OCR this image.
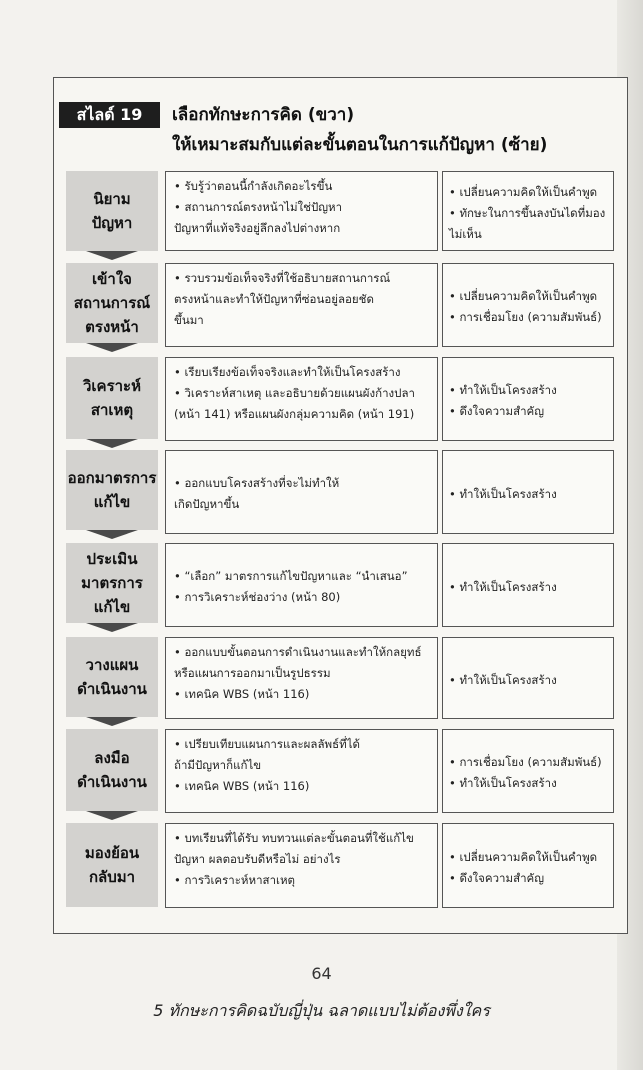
สไลด์ 19	เลือกทักษะการคิด (ขวา)
ให้เหมาะสมกับแต่ละขั้นตอนในการแก้ปัญหา (ซ้าย)
นิยาม
ปัญหา
• รับรู้ว่าตอนนี้กำลังเกิดอะไรขึ้น
• สถานการณ์ตรงหน้าไม่ใช่ปัญหา
ปัญหาที่แท้จริงอยู่ลึกลงไปต่างหาก
• เปลี่ยนความคิดให้เป็นคำพูด
• ทักษะในการขึ้นลงบันไดที่มอง
ไม่เห็น
เข้าใจ
สถานการณ์
ตรงหน้า
• รวบรวมข้อเท็จจริงที่ใช้อธิบายสถานการณ์
ตรงหน้าและทำให้ปัญหาที่ซ่อนอยู่ลอยชัด
ขึ้นมา
• เปลี่ยนความคิดให้เป็นคำพูด
• การเชื่อมโยง (ความสัมพันธ์)
วิเคราะห์
สาเหตุ
• เรียบเรียงข้อเท็จจริงและทำให้เป็นโครงสร้าง
• วิเคราะห์สาเหตุ และอธิบายด้วยแผนผังก้างปลา
(หน้า 141) หรือแผนผังกลุ่มความคิด (หน้า 191)
• ทำให้เป็นโครงสร้าง
• ดึงใจความสำคัญ
ออกมาตรการ
แก้ไข
• ออกแบบโครงสร้างที่จะไม่ทำให้
เกิดปัญหาขึ้น
• ทำให้เป็นโครงสร้าง
ประเมิน
มาตรการ
แก้ไข
• “เลือก” มาตรการแก้ไขปัญหาและ “นำเสนอ”
• การวิเคราะห์ช่องว่าง (หน้า 80)
• ทำให้เป็นโครงสร้าง
วางแผน
ดำเนินงาน
• ออกแบบขั้นตอนการดำเนินงานและทำให้กลยุทธ์
หรือแผนการออกมาเป็นรูปธรรม
• เทคนิค WBS (หน้า 116)
• ทำให้เป็นโครงสร้าง
ลงมือ
ดำเนินงาน
• เปรียบเทียบแผนการและผลลัพธ์ที่ได้
ถ้ามีปัญหาก็แก้ไข
• เทคนิค WBS (หน้า 116)
• การเชื่อมโยง (ความสัมพันธ์)
• ทำให้เป็นโครงสร้าง
มองย้อน
กลับมา
• บทเรียนที่ได้รับ ทบทวนแต่ละขั้นตอนที่ใช้แก้ไข
ปัญหา ผลตอบรับดีหรือไม่ อย่างไร
• การวิเคราะห์หาสาเหตุ
• เปลี่ยนความคิดให้เป็นคำพูด
• ดึงใจความสำคัญ
64
5 ทักษะการคิดฉบับญี่ปุ่น ฉลาดแบบไม่ต้องพึ่งใคร
